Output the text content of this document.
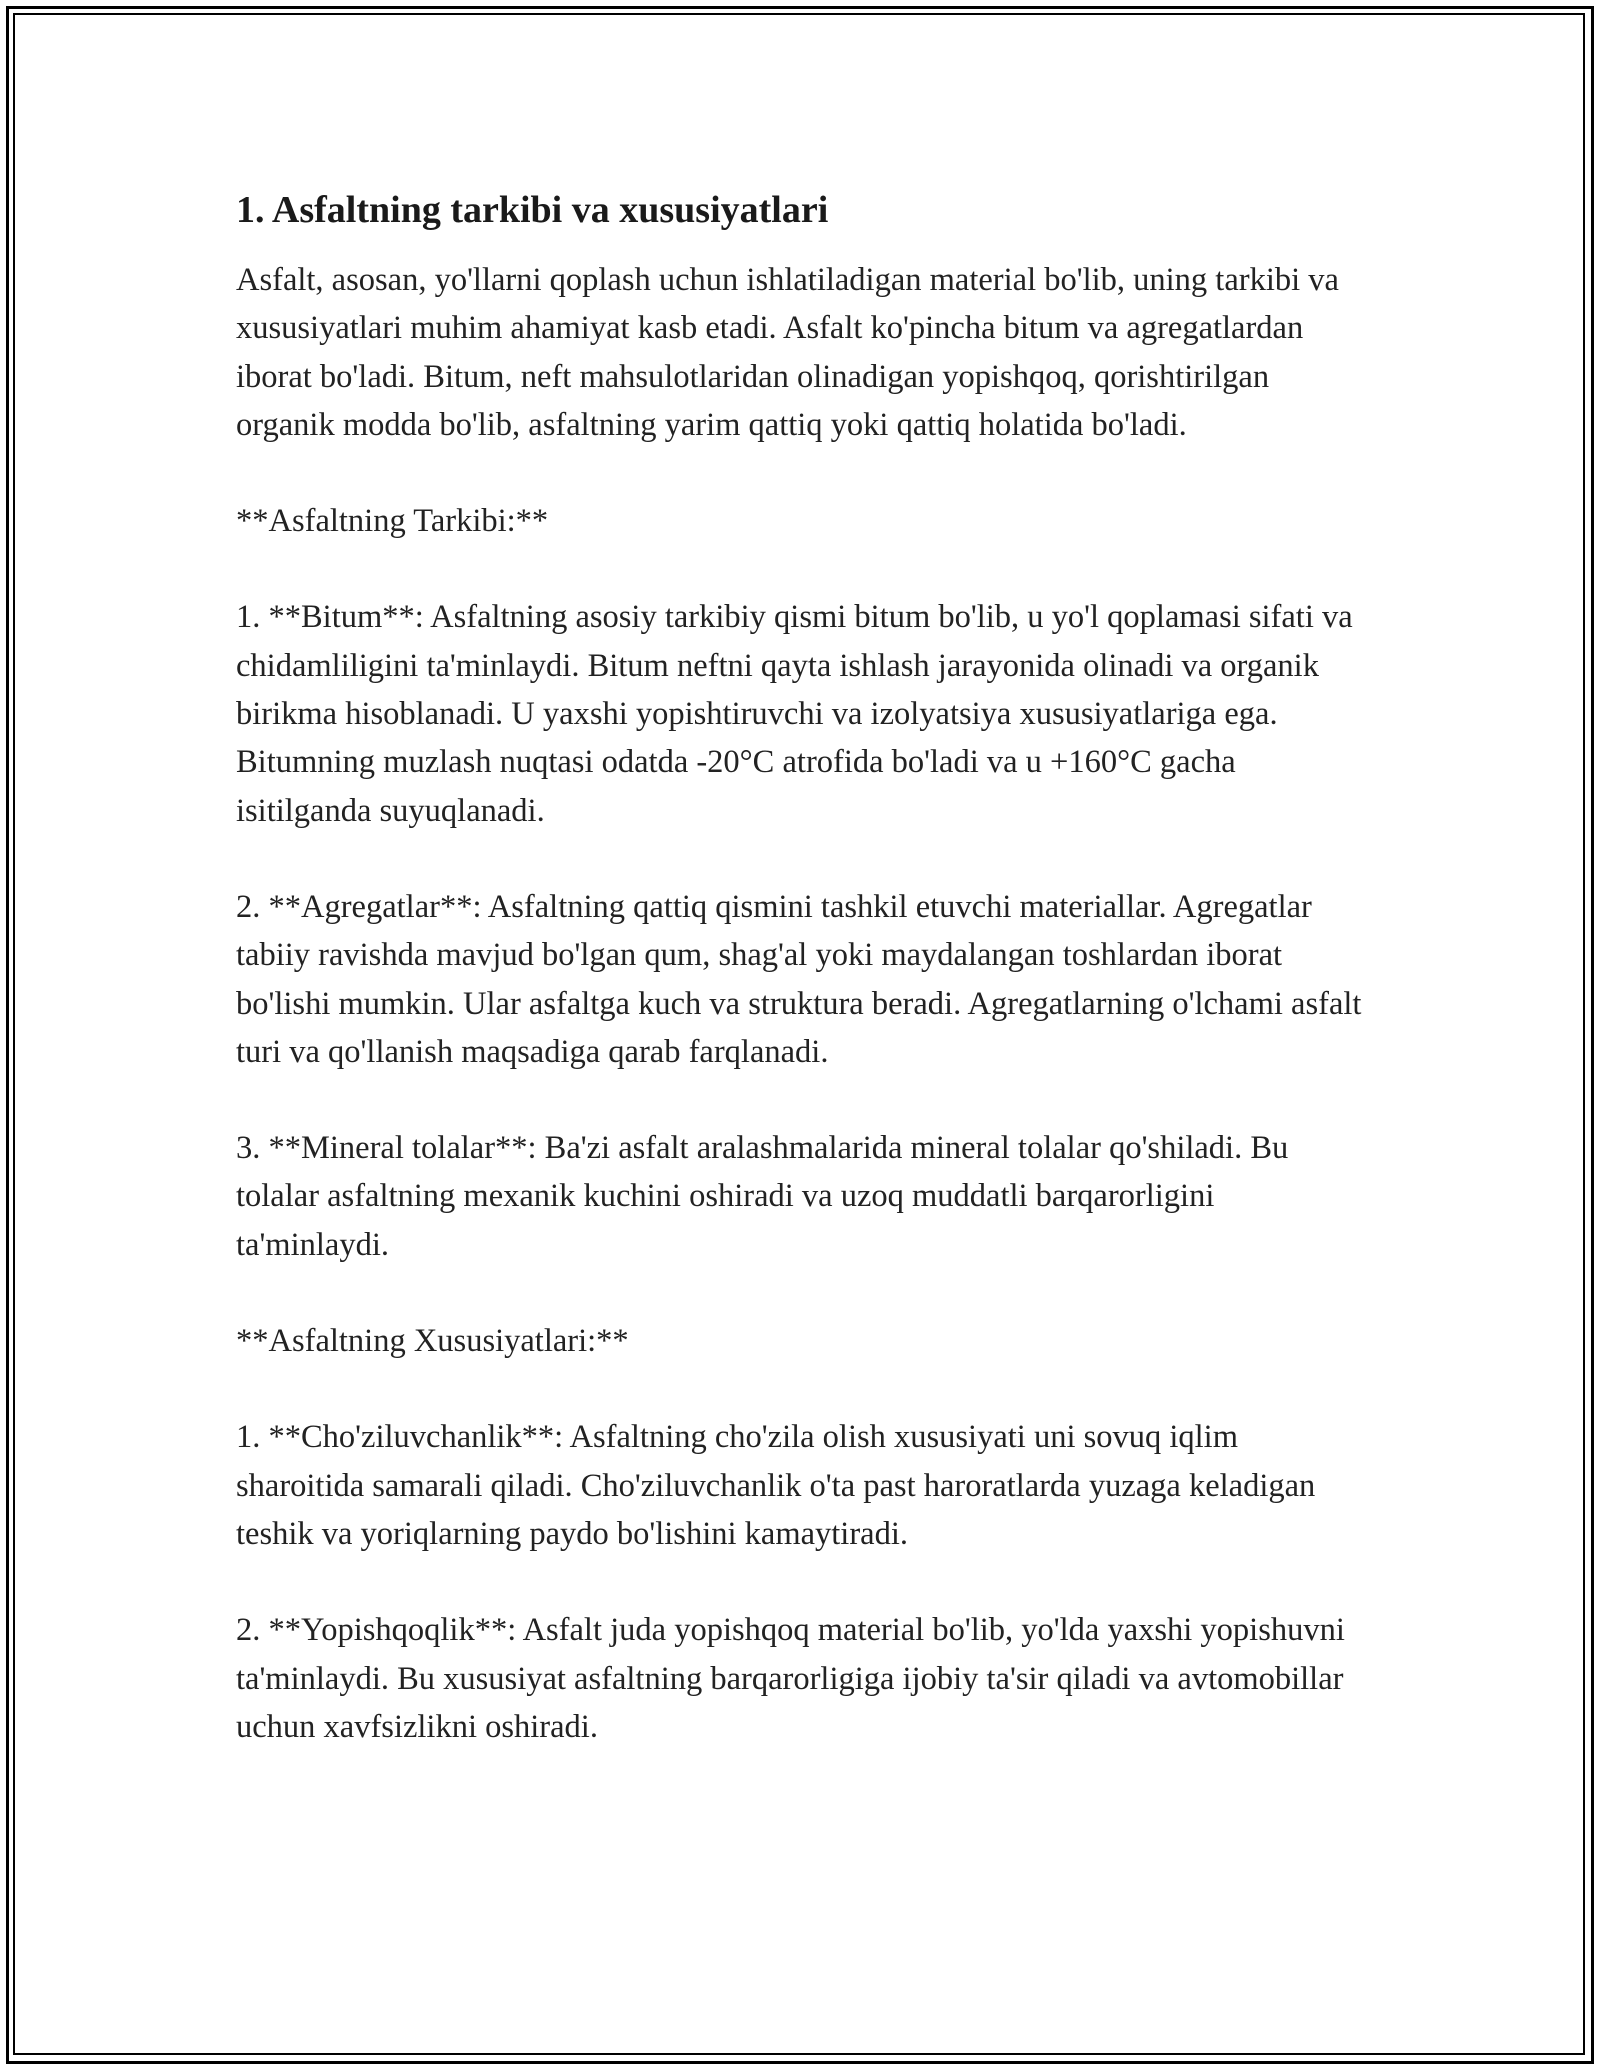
1. Asfaltning tarkibi va xususiyatlari

Asfalt, asosan, yo'llarni qoplash uchun ishlatiladigan material bo'lib, uning tarkibi va xususiyatlari muhim ahamiyat kasb etadi. Asfalt ko'pincha bitum va agregatlardan iborat bo'ladi. Bitum, neft mahsulotlaridan olinadigan yopishqoq, qorishtirilgan organik modda bo'lib, asfaltning yarim qattiq yoki qattiq holatida bo'ladi.

**Asfaltning Tarkibi:**

1. **Bitum**: Asfaltning asosiy tarkibiy qismi bitum bo'lib, u yo'l qoplamasi sifati va chidamliligini ta'minlaydi. Bitum neftni qayta ishlash jarayonida olinadi va organik birikma hisoblanadi. U yaxshi yopishtiruvchi va izolyatsiya xususiyatlariga ega. Bitumning muzlash nuqtasi odatda -20°C atrofida bo'ladi va u +160°C gacha isitilganda suyuqlanadi.

2. **Agregatlar**: Asfaltning qattiq qismini tashkil etuvchi materiallar. Agregatlar tabiiy ravishda mavjud bo'lgan qum, shag'al yoki maydalangan toshlardan iborat bo'lishi mumkin. Ular asfaltga kuch va struktura beradi. Agregatlarning o'lchami asfalt turi va qo'llanish maqsadiga qarab farqlanadi.

3. **Mineral tolalar**: Ba'zi asfalt aralashmalarida mineral tolalar qo'shiladi. Bu tolalar asfaltning mexanik kuchini oshiradi va uzoq muddatli barqarorligini ta'minlaydi.

**Asfaltning Xususiyatlari:**

1. **Cho'ziluvchanlik**: Asfaltning cho'zila olish xususiyati uni sovuq iqlim sharoitida samarali qiladi. Cho'ziluvchanlik o'ta past haroratlarda yuzaga keladigan teshik va yoriqlarning paydo bo'lishini kamaytiradi.

2. **Yopishqoqlik**: Asfalt juda yopishqoq material bo'lib, yo'lda yaxshi yopishuvni ta'minlaydi. Bu xususiyat asfaltning barqarorligiga ijobiy ta'sir qiladi va avtomobillar uchun xavfsizlikni oshiradi.
